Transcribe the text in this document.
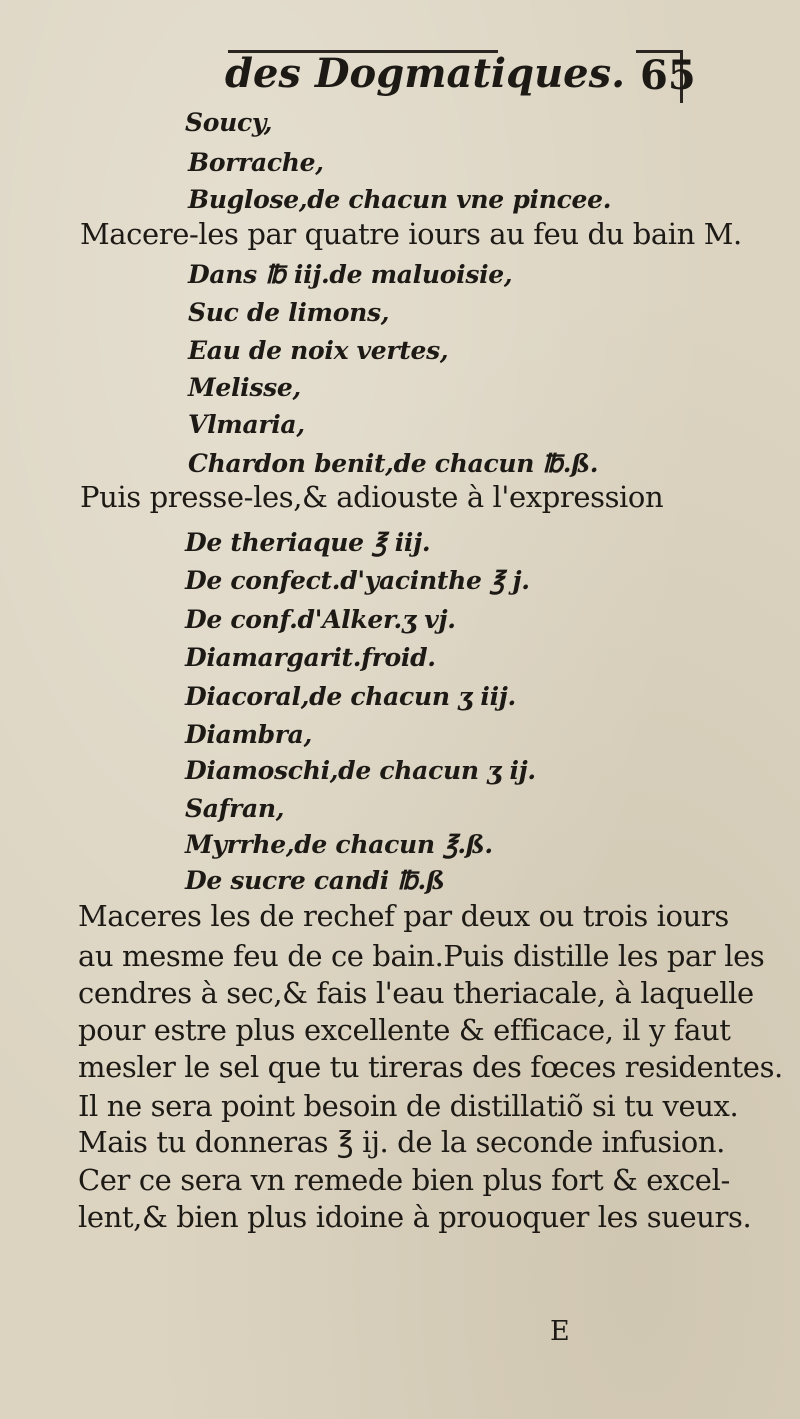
des Dogmatiques. 65
Soucy,
Borrache,
Buglose,de chacun vne pincee.
Macere-les par quatre iours au feu du bain M.
Dans ℔ iij.de maluoisie,
Suc de limons,
Eau de noix vertes,
Melisse,
Vlmaria,
Chardon benit,de chacun ℔.ß.
Puis presse-les,& adiouste à l'expression
De theriaque ℥ iij.
De confect.d'yacinthe ℥ j.
De conf.d'Alker.ʒ vj.
Diamargarit.froid.
Diacoral,de chacun ʒ iij.
Diambra,
Diamoschi,de chacun ʒ ij.
Safran,
Myrrhe,de chacun ℥.ß.
De sucre candi ℔.ß
Maceres les de rechef par deux ou trois iours
au mesme feu de ce bain.Puis distille les par les
cendres à sec,& fais l'eau theriacale, à laquelle
pour estre plus excellente & efficace, il y faut
mesler le sel que tu tireras des fœces residentes.
Il ne sera point besoin de distillatiõ si tu veux.
Mais tu donneras ℥ ij. de la seconde infusion.
Cer ce sera vn remede bien plus fort & excel-
lent,& bien plus idoine à prouoquer les sueurs.
E
